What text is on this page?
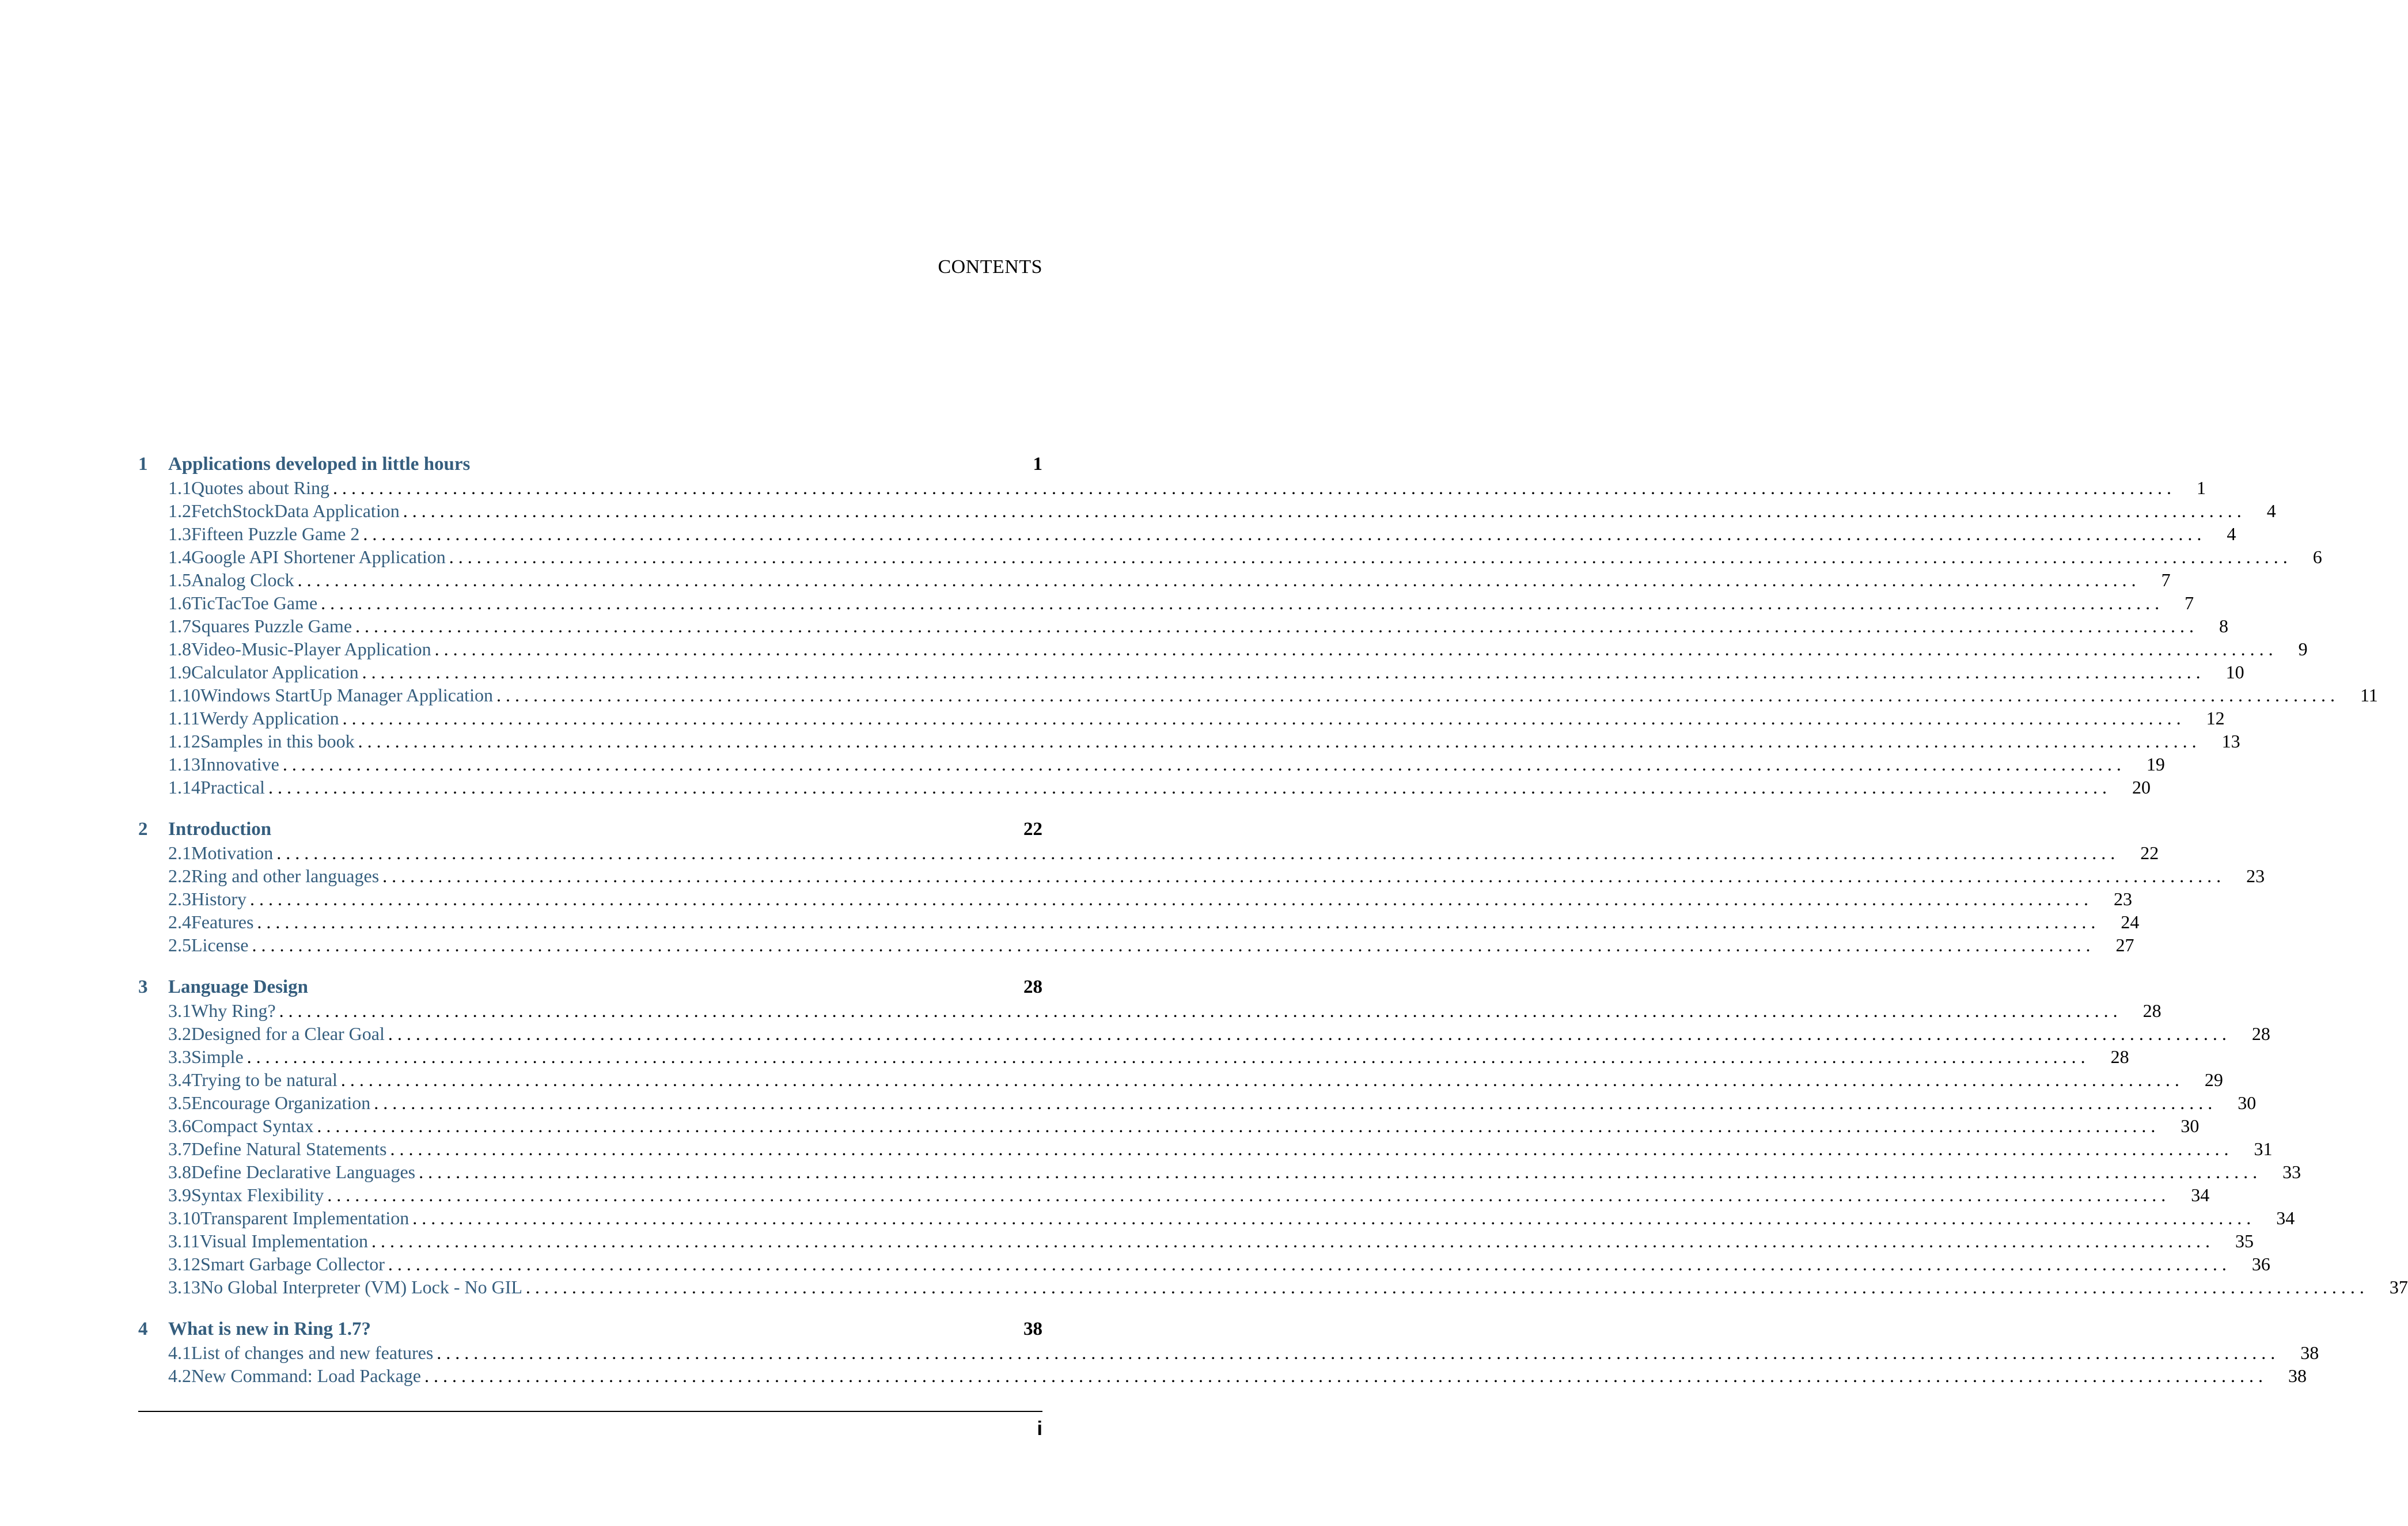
CONTENTS
1	Applications developed in little hours	1
1.1 Quotes about Ring . . . . . . . . . . . . . . . . . . . . . . . . . . . . . . . . . . . . . . . . . . . . . . . . . . . . . . . . . . . . . . . . . . . . . . . . . . . . . . . . . . . . . . . . . . . . . . . . . . . . . . . . . . . . . . . . . . . . . . . . . . . . . . . . . . . . . . . . . . . . . . . . . . . . . . . . . . . . . . . . . . . . . . . . . . . . . . . . . . . . . . . . . . . . . . . . . . . . . . . .	1
1.2 FetchStockData Application . . . . . . . . . . . . . . . . . . . . . . . . . . . . . . . . . . . . . . . . . . . . . . . . . . . . . . . . . . . . . . . . . . . . . . . . . . . . . . . . . . . . . . . . . . . . . . . . . . . . . . . . . . . . . . . . . . . . . . . . . . . . . . . . . . . . . . . . . . . . . . . . . . . . . . . . . . . . . . . . . . . . . . . . . . . . . . . . . . . . . . . . . . . . . . . . . . . . . . . .	4
1.3 Fifteen Puzzle Game 2 . . . . . . . . . . . . . . . . . . . . . . . . . . . . . . . . . . . . . . . . . . . . . . . . . . . . . . . . . . . . . . . . . . . . . . . . . . . . . . . . . . . . . . . . . . . . . . . . . . . . . . . . . . . . . . . . . . . . . . . . . . . . . . . . . . . . . . . . . . . . . . . . . . . . . . . . . . . . . . . . . . . . . . . . . . . . . . . . . . . . . . . . . . . . . . . . . . . . . . . .	4
1.4 Google API Shortener Application . . . . . . . . . . . . . . . . . . . . . . . . . . . . . . . . . . . . . . . . . . . . . . . . . . . . . . . . . . . . . . . . . . . . . . . . . . . . . . . . . . . . . . . . . . . . . . . . . . . . . . . . . . . . . . . . . . . . . . . . . . . . . . . . . . . . . . . . . . . . . . . . . . . . . . . . . . . . . . . . . . . . . . . . . . . . . . . . . . . . . . . . . . . . . . . . . . . . . . . .	6
1.5 Analog Clock . . . . . . . . . . . . . . . . . . . . . . . . . . . . . . . . . . . . . . . . . . . . . . . . . . . . . . . . . . . . . . . . . . . . . . . . . . . . . . . . . . . . . . . . . . . . . . . . . . . . . . . . . . . . . . . . . . . . . . . . . . . . . . . . . . . . . . . . . . . . . . . . . . . . . . . . . . . . . . . . . . . . . . . . . . . . . . . . . . . . . . . . . . . . . . . . . . . . . . . .	7
1.6 TicTacToe Game . . . . . . . . . . . . . . . . . . . . . . . . . . . . . . . . . . . . . . . . . . . . . . . . . . . . . . . . . . . . . . . . . . . . . . . . . . . . . . . . . . . . . . . . . . . . . . . . . . . . . . . . . . . . . . . . . . . . . . . . . . . . . . . . . . . . . . . . . . . . . . . . . . . . . . . . . . . . . . . . . . . . . . . . . . . . . . . . . . . . . . . . . . . . . . . . . . . . . . . .	7
1.7 Squares Puzzle Game . . . . . . . . . . . . . . . . . . . . . . . . . . . . . . . . . . . . . . . . . . . . . . . . . . . . . . . . . . . . . . . . . . . . . . . . . . . . . . . . . . . . . . . . . . . . . . . . . . . . . . . . . . . . . . . . . . . . . . . . . . . . . . . . . . . . . . . . . . . . . . . . . . . . . . . . . . . . . . . . . . . . . . . . . . . . . . . . . . . . . . . . . . . . . . . . . . . . . . . .	8
1.8 Video-Music-Player Application . . . . . . . . . . . . . . . . . . . . . . . . . . . . . . . . . . . . . . . . . . . . . . . . . . . . . . . . . . . . . . . . . . . . . . . . . . . . . . . . . . . . . . . . . . . . . . . . . . . . . . . . . . . . . . . . . . . . . . . . . . . . . . . . . . . . . . . . . . . . . . . . . . . . . . . . . . . . . . . . . . . . . . . . . . . . . . . . . . . . . . . . . . . . . . . . . . . . . . . .	9
1.9 Calculator Application . . . . . . . . . . . . . . . . . . . . . . . . . . . . . . . . . . . . . . . . . . . . . . . . . . . . . . . . . . . . . . . . . . . . . . . . . . . . . . . . . . . . . . . . . . . . . . . . . . . . . . . . . . . . . . . . . . . . . . . . . . . . . . . . . . . . . . . . . . . . . . . . . . . . . . . . . . . . . . . . . . . . . . . . . . . . . . . . . . . . . . . . . . . . . . . . . . . . . . . .	10
1.10 Windows StartUp Manager Application . . . . . . . . . . . . . . . . . . . . . . . . . . . . . . . . . . . . . . . . . . . . . . . . . . . . . . . . . . . . . . . . . . . . . . . . . . . . . . . . . . . . . . . . . . . . . . . . . . . . . . . . . . . . . . . . . . . . . . . . . . . . . . . . . . . . . . . . . . . . . . . . . . . . . . . . . . . . . . . . . . . . . . . . . . . . . . . . . . . . . . . . . . . . . . . . . . . . . . . .	11
1.11 Werdy Application . . . . . . . . . . . . . . . . . . . . . . . . . . . . . . . . . . . . . . . . . . . . . . . . . . . . . . . . . . . . . . . . . . . . . . . . . . . . . . . . . . . . . . . . . . . . . . . . . . . . . . . . . . . . . . . . . . . . . . . . . . . . . . . . . . . . . . . . . . . . . . . . . . . . . . . . . . . . . . . . . . . . . . . . . . . . . . . . . . . . . . . . . . . . . . . . . . . . . . . .	12
1.12 Samples in this book . . . . . . . . . . . . . . . . . . . . . . . . . . . . . . . . . . . . . . . . . . . . . . . . . . . . . . . . . . . . . . . . . . . . . . . . . . . . . . . . . . . . . . . . . . . . . . . . . . . . . . . . . . . . . . . . . . . . . . . . . . . . . . . . . . . . . . . . . . . . . . . . . . . . . . . . . . . . . . . . . . . . . . . . . . . . . . . . . . . . . . . . . . . . . . . . . . . . . . . .	13
1.13 Innovative . . . . . . . . . . . . . . . . . . . . . . . . . . . . . . . . . . . . . . . . . . . . . . . . . . . . . . . . . . . . . . . . . . . . . . . . . . . . . . . . . . . . . . . . . . . . . . . . . . . . . . . . . . . . . . . . . . . . . . . . . . . . . . . . . . . . . . . . . . . . . . . . . . . . . . . . . . . . . . . . . . . . . . . . . . . . . . . . . . . . . . . . . . . . . . . . . . . . . . . .	19
1.14 Practical . . . . . . . . . . . . . . . . . . . . . . . . . . . . . . . . . . . . . . . . . . . . . . . . . . . . . . . . . . . . . . . . . . . . . . . . . . . . . . . . . . . . . . . . . . . . . . . . . . . . . . . . . . . . . . . . . . . . . . . . . . . . . . . . . . . . . . . . . . . . . . . . . . . . . . . . . . . . . . . . . . . . . . . . . . . . . . . . . . . . . . . . . . . . . . . . . . . . . . . .	20
2	Introduction	22
2.1 Motivation . . . . . . . . . . . . . . . . . . . . . . . . . . . . . . . . . . . . . . . . . . . . . . . . . . . . . . . . . . . . . . . . . . . . . . . . . . . . . . . . . . . . . . . . . . . . . . . . . . . . . . . . . . . . . . . . . . . . . . . . . . . . . . . . . . . . . . . . . . . . . . . . . . . . . . . . . . . . . . . . . . . . . . . . . . . . . . . . . . . . . . . . . . . . . . . . . . . . . . . .	22
2.2 Ring and other languages . . . . . . . . . . . . . . . . . . . . . . . . . . . . . . . . . . . . . . . . . . . . . . . . . . . . . . . . . . . . . . . . . . . . . . . . . . . . . . . . . . . . . . . . . . . . . . . . . . . . . . . . . . . . . . . . . . . . . . . . . . . . . . . . . . . . . . . . . . . . . . . . . . . . . . . . . . . . . . . . . . . . . . . . . . . . . . . . . . . . . . . . . . . . . . . . . . . . . . . .	23
2.3 History . . . . . . . . . . . . . . . . . . . . . . . . . . . . . . . . . . . . . . . . . . . . . . . . . . . . . . . . . . . . . . . . . . . . . . . . . . . . . . . . . . . . . . . . . . . . . . . . . . . . . . . . . . . . . . . . . . . . . . . . . . . . . . . . . . . . . . . . . . . . . . . . . . . . . . . . . . . . . . . . . . . . . . . . . . . . . . . . . . . . . . . . . . . . . . . . . . . . . . . .	23
2.4 Features . . . . . . . . . . . . . . . . . . . . . . . . . . . . . . . . . . . . . . . . . . . . . . . . . . . . . . . . . . . . . . . . . . . . . . . . . . . . . . . . . . . . . . . . . . . . . . . . . . . . . . . . . . . . . . . . . . . . . . . . . . . . . . . . . . . . . . . . . . . . . . . . . . . . . . . . . . . . . . . . . . . . . . . . . . . . . . . . . . . . . . . . . . . . . . . . . . . . . . . .	24
2.5 License . . . . . . . . . . . . . . . . . . . . . . . . . . . . . . . . . . . . . . . . . . . . . . . . . . . . . . . . . . . . . . . . . . . . . . . . . . . . . . . . . . . . . . . . . . . . . . . . . . . . . . . . . . . . . . . . . . . . . . . . . . . . . . . . . . . . . . . . . . . . . . . . . . . . . . . . . . . . . . . . . . . . . . . . . . . . . . . . . . . . . . . . . . . . . . . . . . . . . . . .	27
3	Language Design	28
3.1 Why Ring? . . . . . . . . . . . . . . . . . . . . . . . . . . . . . . . . . . . . . . . . . . . . . . . . . . . . . . . . . . . . . . . . . . . . . . . . . . . . . . . . . . . . . . . . . . . . . . . . . . . . . . . . . . . . . . . . . . . . . . . . . . . . . . . . . . . . . . . . . . . . . . . . . . . . . . . . . . . . . . . . . . . . . . . . . . . . . . . . . . . . . . . . . . . . . . . . . . . . . . . .	28
3.2 Designed for a Clear Goal . . . . . . . . . . . . . . . . . . . . . . . . . . . . . . . . . . . . . . . . . . . . . . . . . . . . . . . . . . . . . . . . . . . . . . . . . . . . . . . . . . . . . . . . . . . . . . . . . . . . . . . . . . . . . . . . . . . . . . . . . . . . . . . . . . . . . . . . . . . . . . . . . . . . . . . . . . . . . . . . . . . . . . . . . . . . . . . . . . . . . . . . . . . . . . . . . . . . . . . .	28
3.3 Simple . . . . . . . . . . . . . . . . . . . . . . . . . . . . . . . . . . . . . . . . . . . . . . . . . . . . . . . . . . . . . . . . . . . . . . . . . . . . . . . . . . . . . . . . . . . . . . . . . . . . . . . . . . . . . . . . . . . . . . . . . . . . . . . . . . . . . . . . . . . . . . . . . . . . . . . . . . . . . . . . . . . . . . . . . . . . . . . . . . . . . . . . . . . . . . . . . . . . . . . .	28
3.4 Trying to be natural . . . . . . . . . . . . . . . . . . . . . . . . . . . . . . . . . . . . . . . . . . . . . . . . . . . . . . . . . . . . . . . . . . . . . . . . . . . . . . . . . . . . . . . . . . . . . . . . . . . . . . . . . . . . . . . . . . . . . . . . . . . . . . . . . . . . . . . . . . . . . . . . . . . . . . . . . . . . . . . . . . . . . . . . . . . . . . . . . . . . . . . . . . . . . . . . . . . . . . . .	29
3.5 Encourage Organization . . . . . . . . . . . . . . . . . . . . . . . . . . . . . . . . . . . . . . . . . . . . . . . . . . . . . . . . . . . . . . . . . . . . . . . . . . . . . . . . . . . . . . . . . . . . . . . . . . . . . . . . . . . . . . . . . . . . . . . . . . . . . . . . . . . . . . . . . . . . . . . . . . . . . . . . . . . . . . . . . . . . . . . . . . . . . . . . . . . . . . . . . . . . . . . . . . . . . . . .	30
3.6 Compact Syntax . . . . . . . . . . . . . . . . . . . . . . . . . . . . . . . . . . . . . . . . . . . . . . . . . . . . . . . . . . . . . . . . . . . . . . . . . . . . . . . . . . . . . . . . . . . . . . . . . . . . . . . . . . . . . . . . . . . . . . . . . . . . . . . . . . . . . . . . . . . . . . . . . . . . . . . . . . . . . . . . . . . . . . . . . . . . . . . . . . . . . . . . . . . . . . . . . . . . . . . .	30
3.7 Define Natural Statements . . . . . . . . . . . . . . . . . . . . . . . . . . . . . . . . . . . . . . . . . . . . . . . . . . . . . . . . . . . . . . . . . . . . . . . . . . . . . . . . . . . . . . . . . . . . . . . . . . . . . . . . . . . . . . . . . . . . . . . . . . . . . . . . . . . . . . . . . . . . . . . . . . . . . . . . . . . . . . . . . . . . . . . . . . . . . . . . . . . . . . . . . . . . . . . . . . . . . . . .	31
3.8 Define Declarative Languages . . . . . . . . . . . . . . . . . . . . . . . . . . . . . . . . . . . . . . . . . . . . . . . . . . . . . . . . . . . . . . . . . . . . . . . . . . . . . . . . . . . . . . . . . . . . . . . . . . . . . . . . . . . . . . . . . . . . . . . . . . . . . . . . . . . . . . . . . . . . . . . . . . . . . . . . . . . . . . . . . . . . . . . . . . . . . . . . . . . . . . . . . . . . . . . . . . . . . . . .	33
3.9 Syntax Flexibility . . . . . . . . . . . . . . . . . . . . . . . . . . . . . . . . . . . . . . . . . . . . . . . . . . . . . . . . . . . . . . . . . . . . . . . . . . . . . . . . . . . . . . . . . . . . . . . . . . . . . . . . . . . . . . . . . . . . . . . . . . . . . . . . . . . . . . . . . . . . . . . . . . . . . . . . . . . . . . . . . . . . . . . . . . . . . . . . . . . . . . . . . . . . . . . . . . . . . . . .	34
3.10 Transparent Implementation . . . . . . . . . . . . . . . . . . . . . . . . . . . . . . . . . . . . . . . . . . . . . . . . . . . . . . . . . . . . . . . . . . . . . . . . . . . . . . . . . . . . . . . . . . . . . . . . . . . . . . . . . . . . . . . . . . . . . . . . . . . . . . . . . . . . . . . . . . . . . . . . . . . . . . . . . . . . . . . . . . . . . . . . . . . . . . . . . . . . . . . . . . . . . . . . . . . . . . . .	34
3.11 Visual Implementation . . . . . . . . . . . . . . . . . . . . . . . . . . . . . . . . . . . . . . . . . . . . . . . . . . . . . . . . . . . . . . . . . . . . . . . . . . . . . . . . . . . . . . . . . . . . . . . . . . . . . . . . . . . . . . . . . . . . . . . . . . . . . . . . . . . . . . . . . . . . . . . . . . . . . . . . . . . . . . . . . . . . . . . . . . . . . . . . . . . . . . . . . . . . . . . . . . . . . . . .	35
3.12 Smart Garbage Collector . . . . . . . . . . . . . . . . . . . . . . . . . . . . . . . . . . . . . . . . . . . . . . . . . . . . . . . . . . . . . . . . . . . . . . . . . . . . . . . . . . . . . . . . . . . . . . . . . . . . . . . . . . . . . . . . . . . . . . . . . . . . . . . . . . . . . . . . . . . . . . . . . . . . . . . . . . . . . . . . . . . . . . . . . . . . . . . . . . . . . . . . . . . . . . . . . . . . . . . .	36
3.13 No Global Interpreter (VM) Lock - No GIL . . . . . . . . . . . . . . . . . . . . . . . . . . . . . . . . . . . . . . . . . . . . . . . . . . . . . . . . . . . . . . . . . . . . . . . . . . . . . . . . . . . . . . . . . . . . . . . . . . . . . . . . . . . . . . . . . . . . . . . . . . . . . . . . . . . . . . . . . . . . . . . . . . . . . . . . . . . . . . . . . . . . . . . . . . . . . . . . . . . . . . . . . . . . . . . . . . . . . . . .	37
4	What is new in Ring 1.7?	38
4.1 List of changes and new features . . . . . . . . . . . . . . . . . . . . . . . . . . . . . . . . . . . . . . . . . . . . . . . . . . . . . . . . . . . . . . . . . . . . . . . . . . . . . . . . . . . . . . . . . . . . . . . . . . . . . . . . . . . . . . . . . . . . . . . . . . . . . . . . . . . . . . . . . . . . . . . . . . . . . . . . . . . . . . . . . . . . . . . . . . . . . . . . . . . . . . . . . . . . . . . . . . . . . . . .	38
4.2 New Command: Load Package . . . . . . . . . . . . . . . . . . . . . . . . . . . . . . . . . . . . . . . . . . . . . . . . . . . . . . . . . . . . . . . . . . . . . . . . . . . . . . . . . . . . . . . . . . . . . . . . . . . . . . . . . . . . . . . . . . . . . . . . . . . . . . . . . . . . . . . . . . . . . . . . . . . . . . . . . . . . . . . . . . . . . . . . . . . . . . . . . . . . . . . . . . . . . . . . . . . . . . . .	38
i
